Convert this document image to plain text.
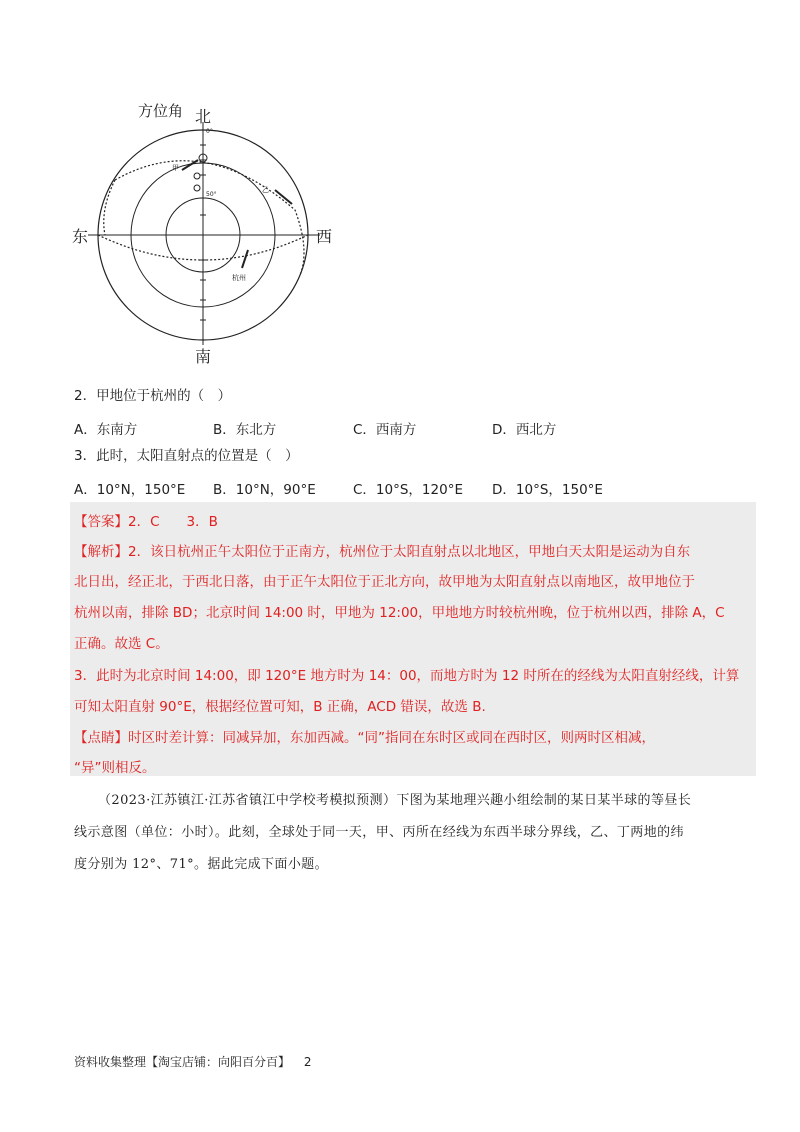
甲
乙
杭州
0°
50°
方位角 北
南
东	西
2．甲地位于杭州的（　）
A．东南方	B．东北方	C．西南方	D．西北方
3．此时，太阳直射点的位置是（　）
A．10°N，150°E B．10°N，90°E	C．10°S，120°E D．10°S，150°E
【答案】2．C　　3．B
【解析】2．该日杭州正午太阳位于正南方，杭州位于太阳直射点以北地区，甲地白天太阳是运动为自东
北日出，经正北，于西北日落，由于正午太阳位于正北方向，故甲地为太阳直射点以南地区，故甲地位于
杭州以南，排除 BD；北京时间 14:00 时，甲地为 12:00，甲地地方时较杭州晚，位于杭州以西，排除 A，C
正确。故选 C。
3．此时为北京时间 14:00，即 120°E 地方时为 14：00，而地方时为 12 时所在的经线为太阳直射经线，计算
可知太阳直射 90°E，根据经位置可知，B 正确，ACD 错误，故选 B.
【点睛】时区时差计算：同减异加，东加西减。“同”指同在东时区或同在西时区，则两时区相减，
“异”则相反。
（2023·江苏镇江·江苏省镇江中学校考模拟预测）下图为某地理兴趣小组绘制的某日某半球的等昼长
线示意图（单位：小时）。此刻，全球处于同一天，甲、丙所在经线为东西半球分界线，乙、丁两地的纬
度分别为 12°、71°。据此完成下面小题。
资料收集整理【淘宝店铺：向阳百分百】 2
